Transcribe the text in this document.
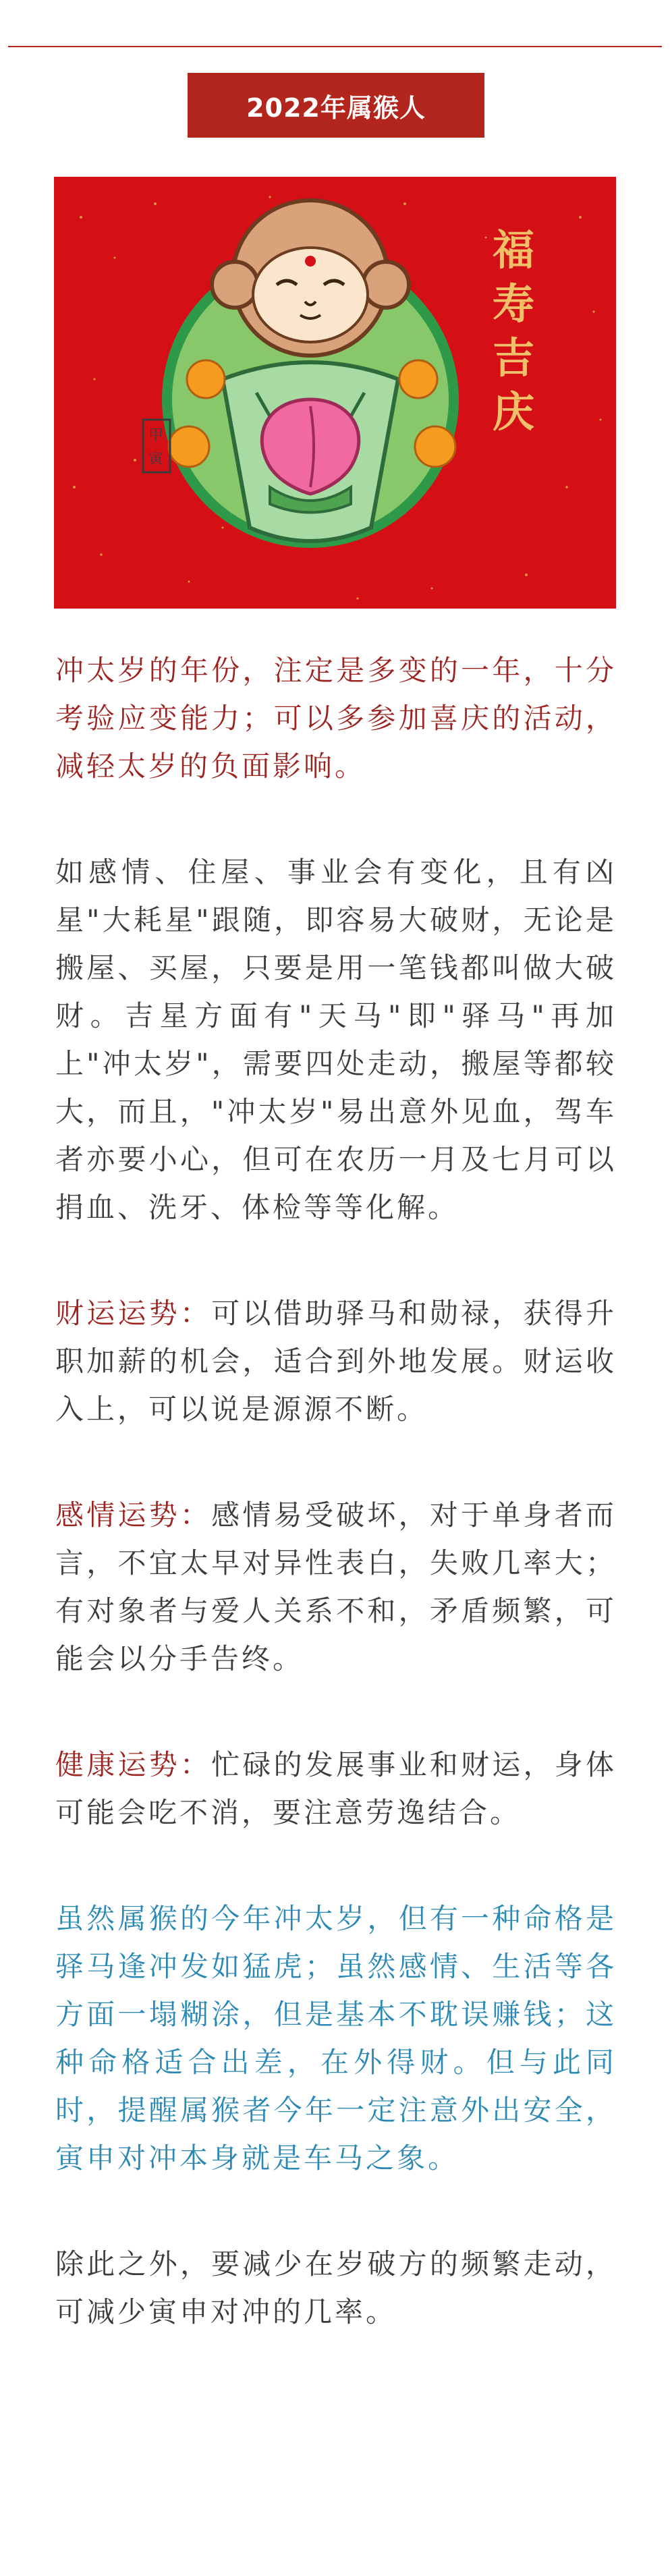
2022年属猴人
福
寿
吉
庆
甲
寅

冲太岁的年份，注定是多变的一年，十分考验应变能力；可以多参加喜庆的活动，减轻太岁的负面影响。

如感情、住屋、事业会有变化，且有凶星"大耗星"跟随，即容易大破财，无论是搬屋、买屋，只要是用一笔钱都叫做大破财。吉星方面有"天马"即"驿马"再加上"冲太岁"，需要四处走动，搬屋等都较大，而且，"冲太岁"易出意外见血，驾车者亦要小心，但可在农历一月及七月可以捐血、洗牙、体检等等化解。

财运运势：可以借助驿马和勋禄，获得升职加薪的机会，适合到外地发展。财运收入上，可以说是源源不断。

感情运势：感情易受破坏，对于单身者而言，不宜太早对异性表白，失败几率大；有对象者与爱人关系不和，矛盾频繁，可能会以分手告终。

健康运势：忙碌的发展事业和财运，身体可能会吃不消，要注意劳逸结合。

虽然属猴的今年冲太岁，但有一种命格是驿马逢冲发如猛虎；虽然感情、生活等各方面一塌糊涂，但是基本不耽误赚钱；这种命格适合出差，在外得财。但与此同时，提醒属猴者今年一定注意外出安全，寅申对冲本身就是车马之象。

除此之外，要减少在岁破方的频繁走动，可减少寅申对冲的几率。
